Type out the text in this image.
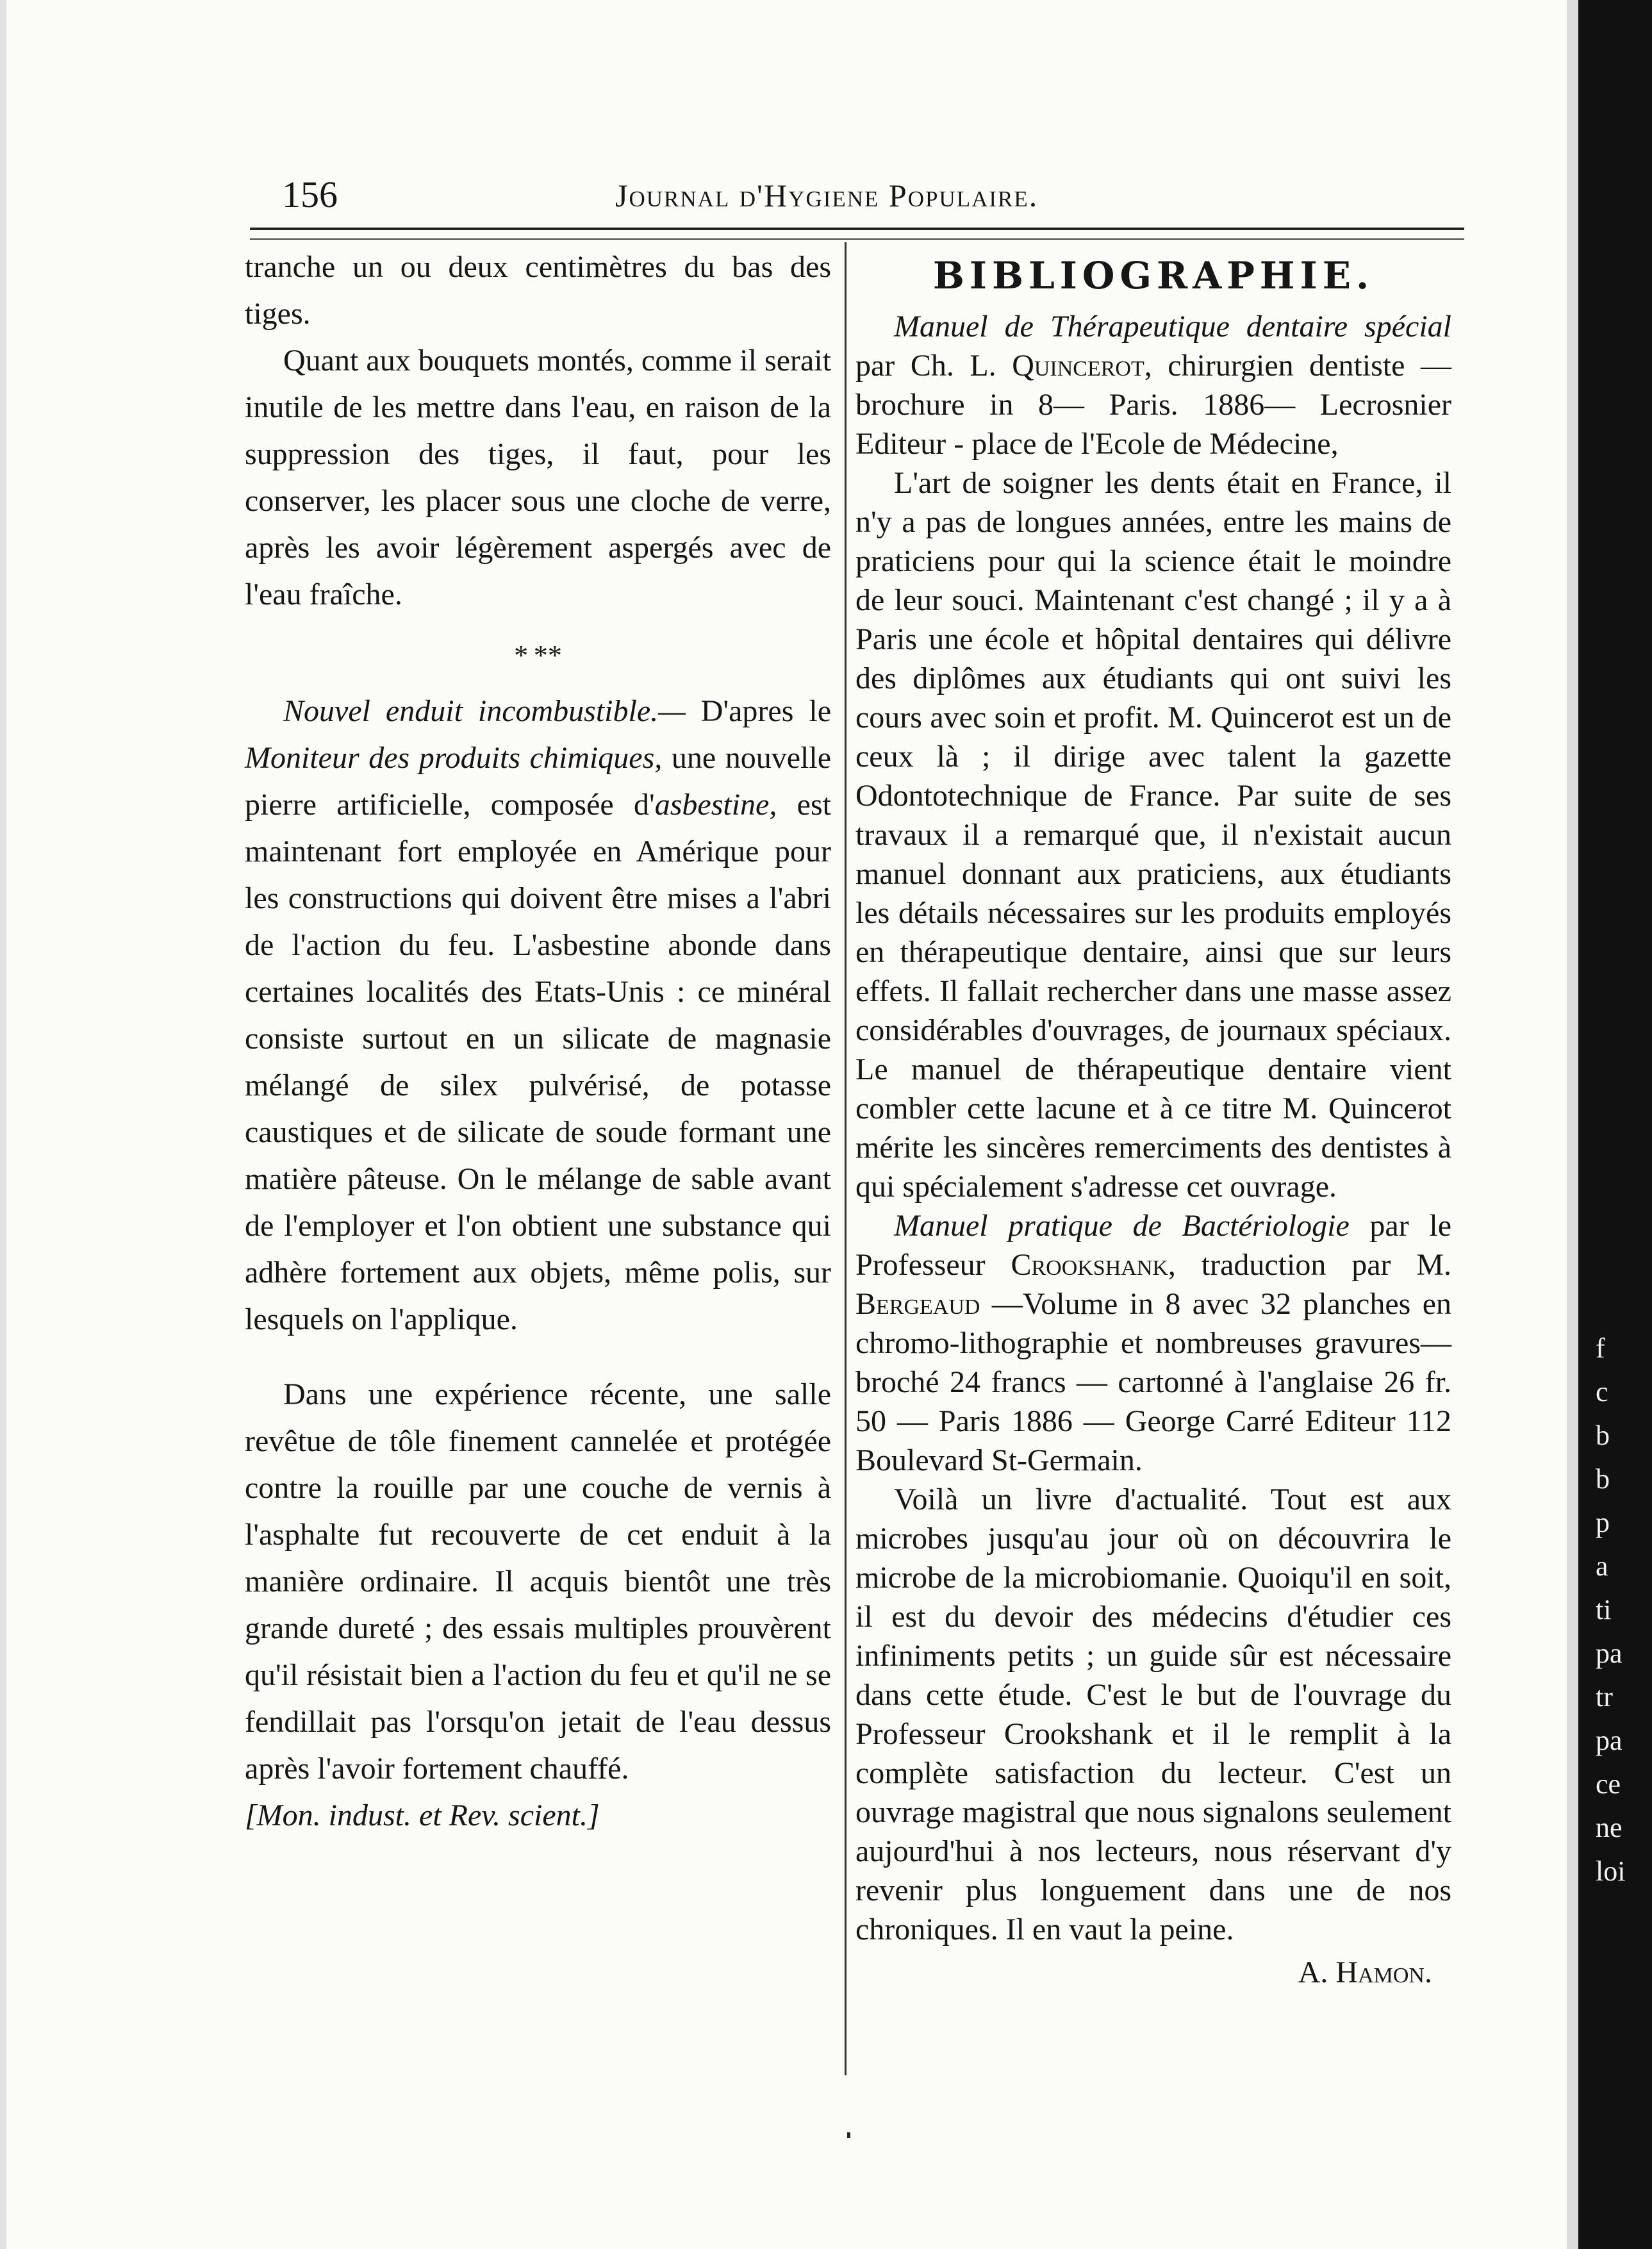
156	Journal d'Hygiene Populaire.

tranche un ou deux centimètres du bas des tiges.

Quant aux bouquets montés, comme il serait inutile de les mettre dans l'eau, en raison de la suppression des tiges, il faut, pour les conserver, les placer sous une cloche de verre, après les avoir légèrement aspergés avec de l'eau fraîche.

* **

Nouvel enduit incombustible.— D'apres le Moniteur des produits chimiques, une nouvelle pierre artificielle, composée d'asbestine, est maintenant fort employée en Amérique pour les constructions qui doivent être mises a l'abri de l'action du feu. L'asbestine abonde dans certaines localités des Etats-Unis : ce minéral consiste surtout en un silicate de magnasie mélangé de silex pulvérisé, de potasse caustiques et de silicate de soude formant une matière pâteuse. On le mélange de sable avant de l'employer et l'on obtient une substance qui adhère fortement aux objets, même polis, sur lesquels on l'applique.

Dans une expérience récente, une salle revêtue de tôle finement cannelée et protégée contre la rouille par une couche de vernis à l'asphalte fut recouverte de cet enduit à la manière ordinaire. Il acquis bientôt une très grande dureté ; des essais multiples prouvèrent qu'il résistait bien a l'action du feu et qu'il ne se fendillait pas l'orsqu'on jetait de l'eau dessus après l'avoir fortement chauffé.

[Mon. indust. et Rev. scient.]

BIBLIOGRAPHIE.

Manuel de Thérapeutique dentaire spécial par Ch. L. Quincerot, chirurgien dentiste — brochure in 8— Paris. 1886— Lecrosnier Editeur - place de l'Ecole de Médecine,

L'art de soigner les dents était en France, il n'y a pas de longues années, entre les mains de praticiens pour qui la science était le moindre de leur souci. Maintenant c'est changé ; il y a à Paris une école et hôpital dentaires qui délivre des diplômes aux étudiants qui ont suivi les cours avec soin et profit. M. Quincerot est un de ceux là ; il dirige avec talent la gazette Odontotechnique de France. Par suite de ses travaux il a remarqué que, il n'existait aucun manuel donnant aux praticiens, aux étudiants les détails nécessaires sur les produits employés en thérapeutique dentaire, ainsi que sur leurs effets. Il fallait rechercher dans une masse assez considérables d'ouvrages, de journaux spéciaux. Le manuel de thérapeutique dentaire vient combler cette lacune et à ce titre M. Quincerot mérite les sincères remerciments des dentistes à qui spécialement s'adresse cet ouvrage.

Manuel pratique de Bactériologie par le Professeur Crookshank, traduction par M. Bergeaud —Volume in 8 avec 32 planches en chromo-lithographie et nombreuses gravures—broché 24 francs — cartonné à l'anglaise 26 fr. 50 — Paris 1886 — George Carré Editeur 112 Boulevard St-Germain.

Voilà un livre d'actualité. Tout est aux microbes jusqu'au jour où on découvrira le microbe de la microbiomanie. Quoiqu'il en soit, il est du devoir des médecins d'étudier ces infiniments petits ; un guide sûr est nécessaire dans cette étude. C'est le but de l'ouvrage du Professeur Crookshank et il le remplit à la complète satisfaction du lecteur. C'est un ouvrage magistral que nous signalons seulement aujourd'hui à nos lecteurs, nous réservant d'y revenir plus longuement dans une de nos chroniques. Il en vaut la peine.

A. Hamon.
f
c
b
b
p
a
ti
pa
tr
pa
ce
ne
loi
